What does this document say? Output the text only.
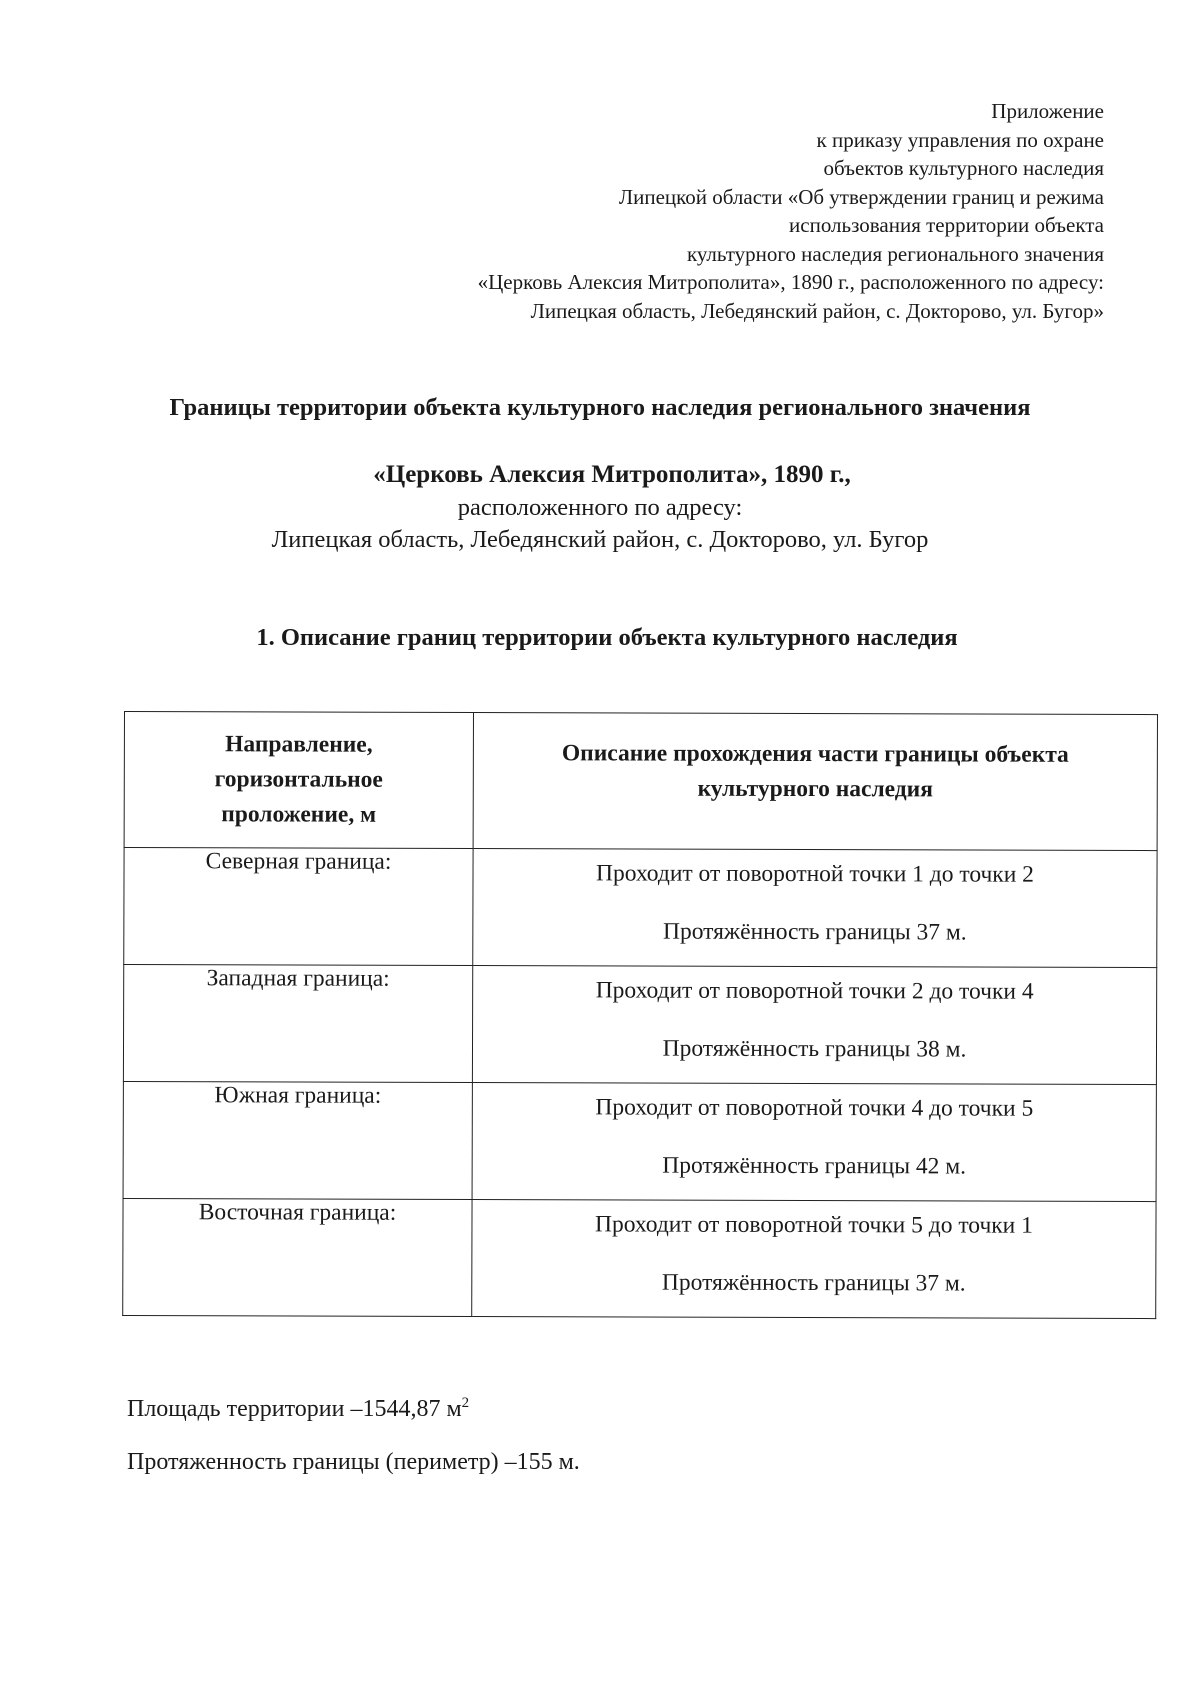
Приложение
к приказу управления по охране
объектов культурного наследия
Липецкой области «Об утверждении границ и режима
использования территории объекта
культурного наследия регионального значения
«Церковь Алексия Митрополита», 1890 г., расположенного по адресу:
Липецкая область, Лебедянский район, с. Докторово, ул. Бугор»
Границы территории объекта культурного наследия регионального значения
«Церковь Алексия Митрополита», 1890 г.,
расположенного по адресу:
Липецкая область, Лебедянский район, с. Докторово, ул. Бугор
1. Описание границ территории объекта культурного наследия
Направление, горизонтальное проложение, м	Описание прохождения части границы объекта культурного наследия

Северная граница:	Проходит от поворотной точки 1 до точки 2
Протяжённость границы 37 м.

Западная граница:	Проходит от поворотной точки 2 до точки 4
Протяжённость границы 38 м.

Южная граница:	Проходит от поворотной точки 4 до точки 5
Протяжённость границы 42 м.

Восточная граница:	Проходит от поворотной точки 5 до точки 1
Протяжённость границы 37 м.
Площадь территории –1544,87 $м^2$
Протяженность границы (периметр) –155 м.
